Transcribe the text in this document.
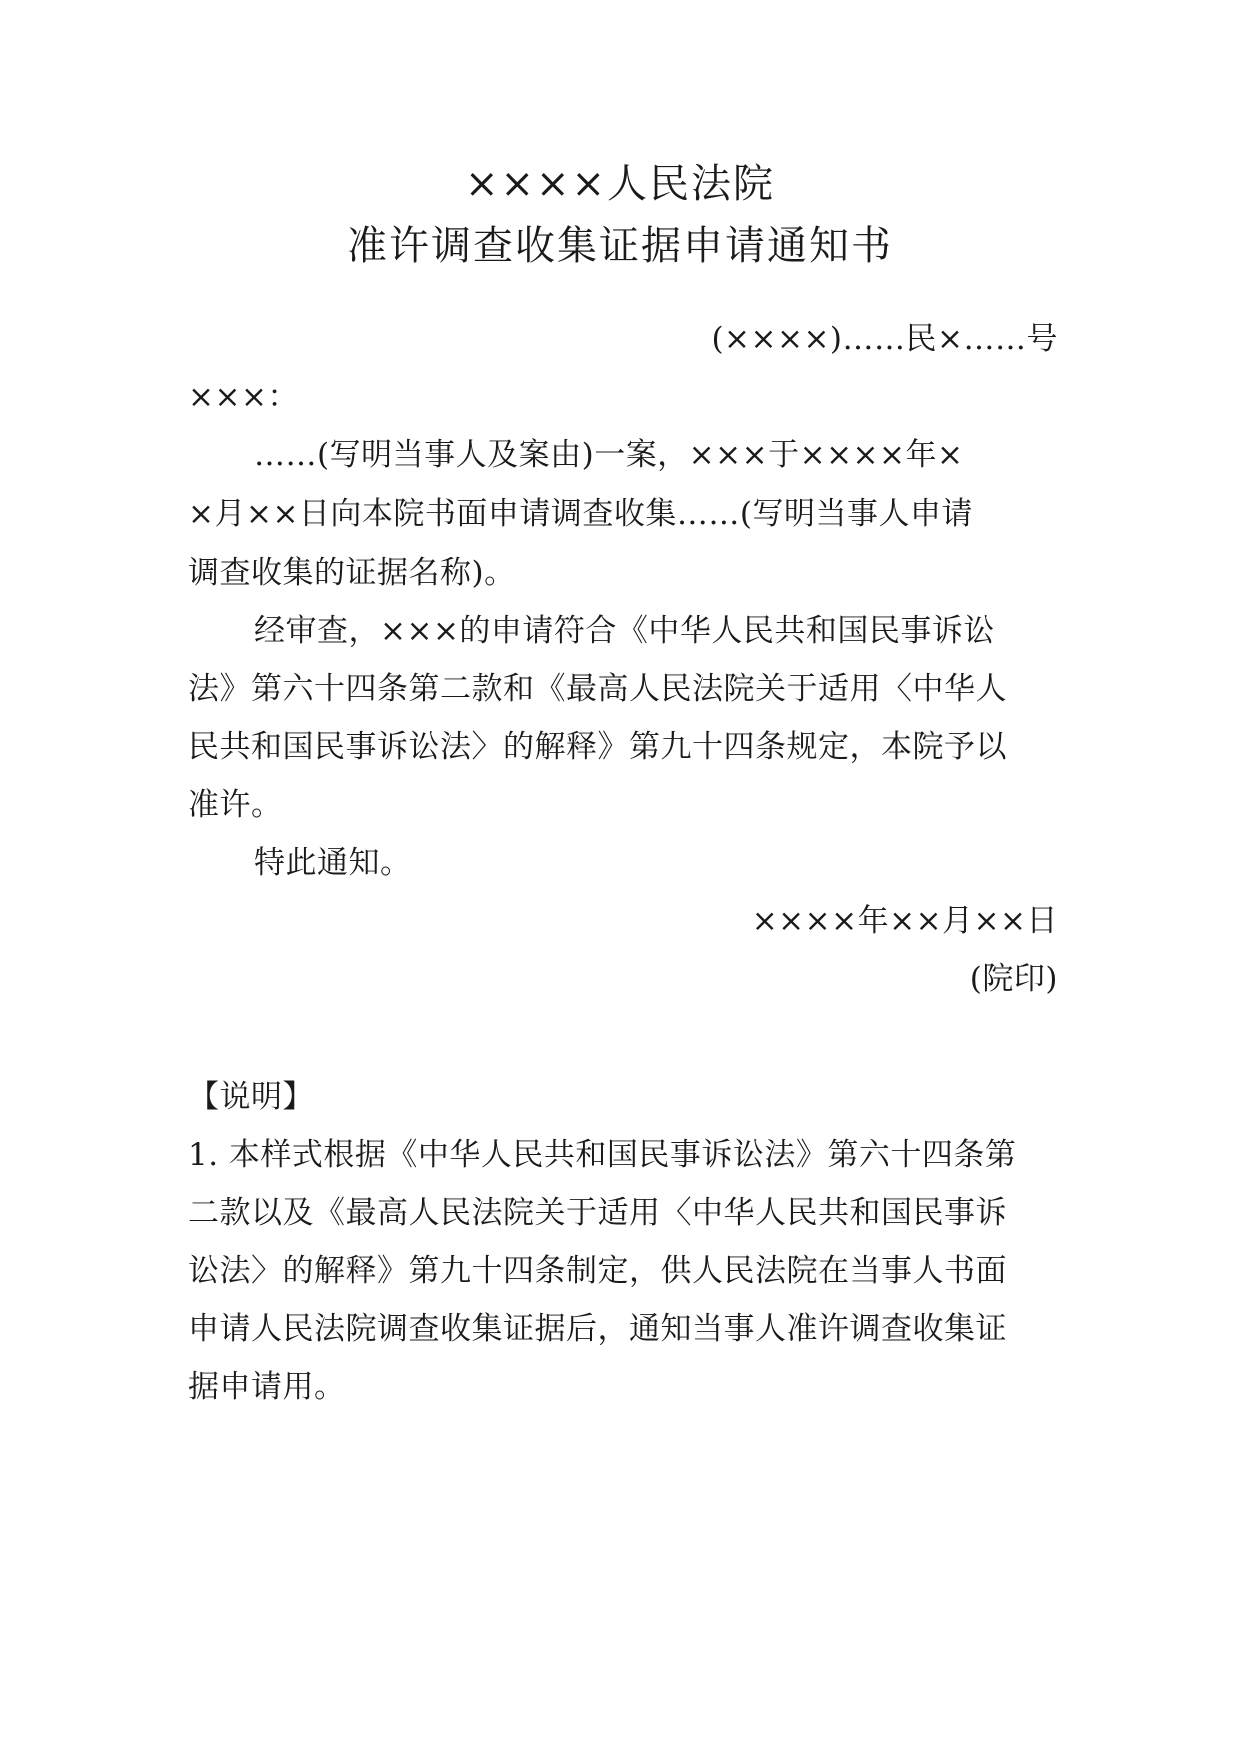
××××人民法院
准许调查收集证据申请通知书
(××××)……民×……号
×××：
……(写明当事人及案由)一案，×××于××××年×
×月××日向本院书面申请调查收集……(写明当事人申请
调查收集的证据名称)。
经审查，×××的申请符合《中华人民共和国民事诉讼
法》第六十四条第二款和《最高人民法院关于适用〈中华人
民共和国民事诉讼法〉的解释》第九十四条规定，本院予以
准许。
特此通知。
××××年××月××日
(院印)
【说明】
1. 本样式根据《中华人民共和国民事诉讼法》第六十四条第
二款以及《最高人民法院关于适用〈中华人民共和国民事诉
讼法〉的解释》第九十四条制定，供人民法院在当事人书面
申请人民法院调查收集证据后，通知当事人准许调查收集证
据申请用。
